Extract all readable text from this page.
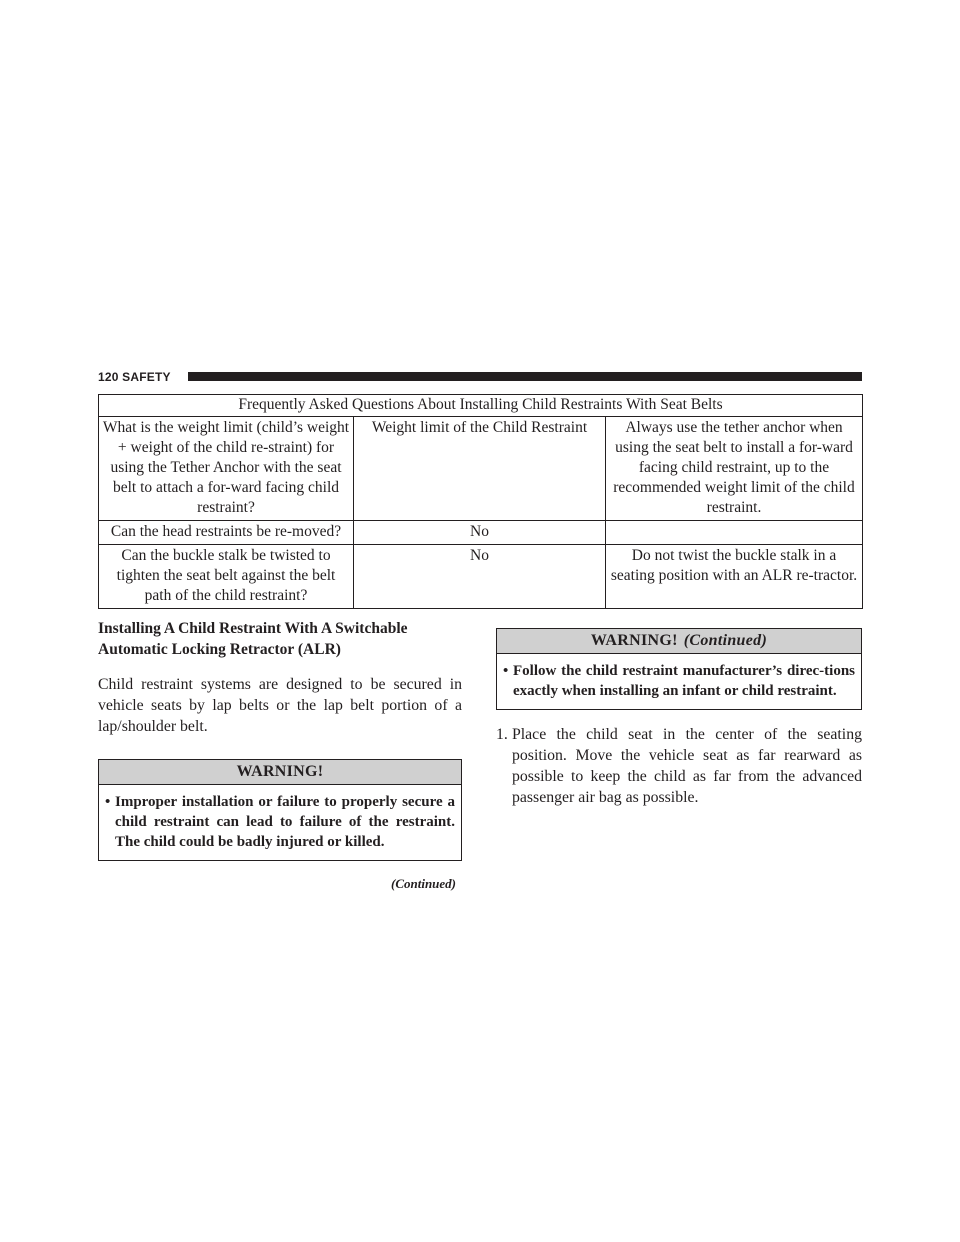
120 SAFETY
Frequently Asked Questions About Installing Child Restraints With Seat Belts		
What is the weight limit (child’s weight + weight of the child re-straint) for using the Tether Anchor with the seat belt to attach a for-ward facing child restraint?	Weight limit of the Child Restraint	Always use the tether anchor when using the seat belt to install a for-ward facing child restraint, up to the recommended weight limit of the child restraint.
Can the head restraints be re-moved?	No	
Can the buckle stalk be twisted to tighten the seat belt against the belt path of the child restraint?	No	Do not twist the buckle stalk in a seating position with an ALR re-tractor.

Installing A Child Restraint With A Switchable Automatic Locking Retractor (ALR)

Child restraint systems are designed to be secured in vehicle seats by lap belts or the lap belt portion of a lap/shoulder belt.

WARNING!
• Improper installation or failure to properly secure a child restraint can lead to failure of the restraint. The child could be badly injured or killed.
(Continued)
WARNING! (Continued)
• Follow the child restraint manufacturer’s direc-tions exactly when installing an infant or child restraint.
1. Place the child seat in the center of the seating position. Move the vehicle seat as far rearward as possible to keep the child as far from the advanced passenger air bag as possible.
